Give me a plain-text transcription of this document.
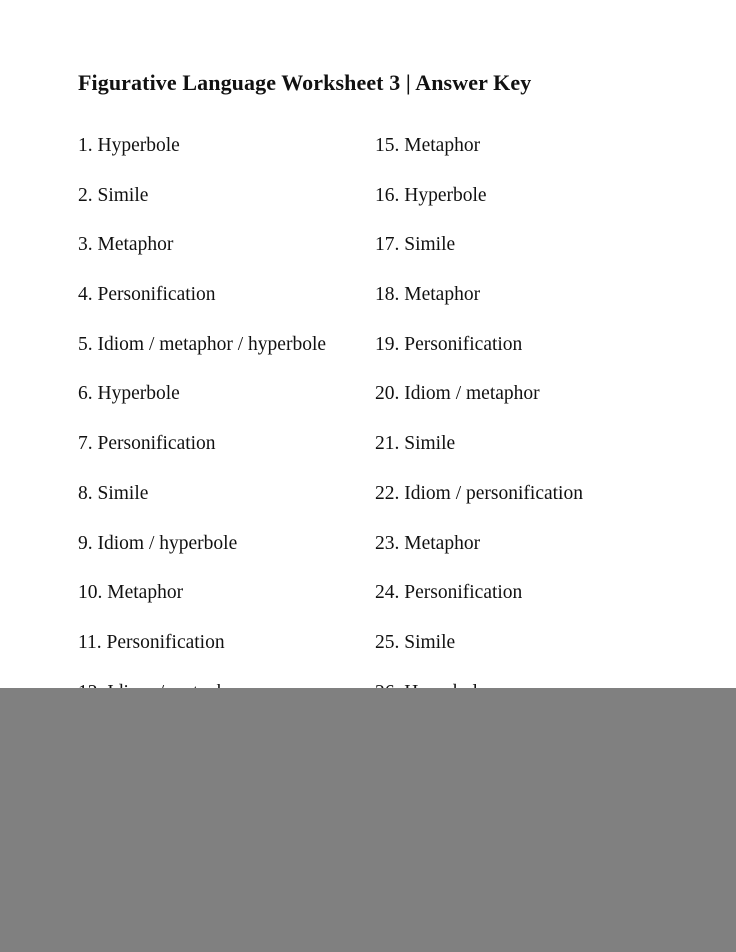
Figurative Language Worksheet 3 | Answer Key
1. Hyperbole
2. Simile
3. Metaphor
4. Personification
5. Idiom / metaphor / hyperbole
6. Hyperbole
7. Personification
8. Simile
9. Idiom / hyperbole
10. Metaphor
11. Personification
15. Metaphor
16. Hyperbole
17. Simile
18. Metaphor
19. Personification
20. Idiom / metaphor
21. Simile
22. Idiom / personification
23. Metaphor
24. Personification
25. Simile
